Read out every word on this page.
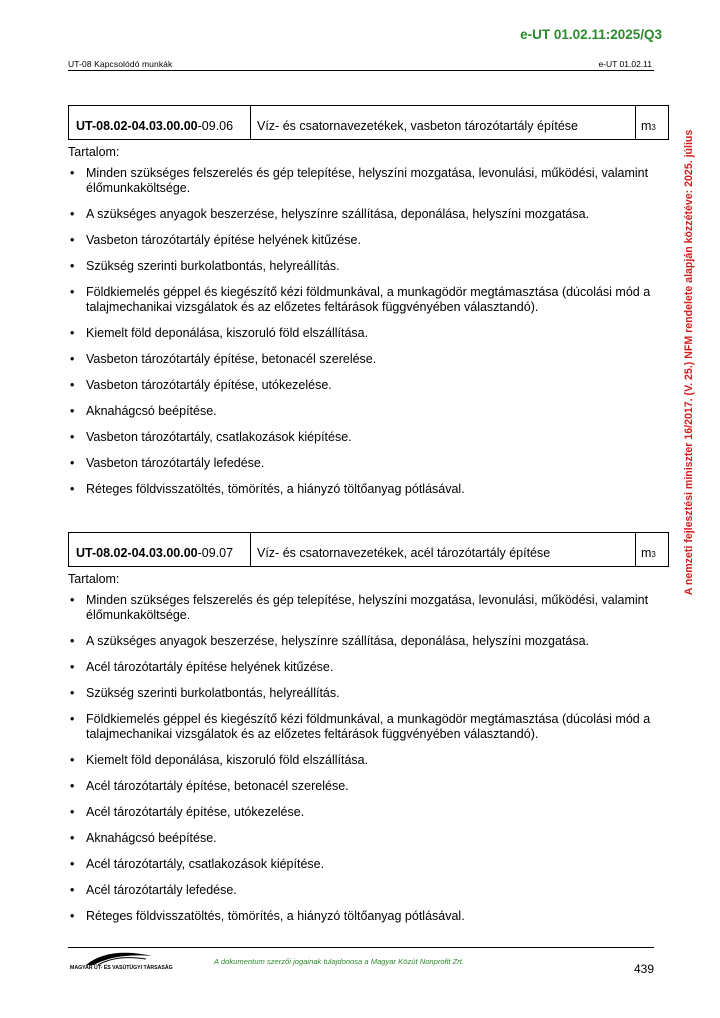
e-UT 01.02.11:2025/Q3
UT-08 Kapcsolódó munkák	e-UT 01.02.11
A nemzeti fejlesztési miniszter 16/2017. (V. 25.) NFM rendelete alapján közzétéve: 2025. július
UT-08.02-04.03.00.00 -09.06	Víz- és csatornavezetékek, vasbeton tározótartály építése	$m^3$
Tartalom:
• Minden szükséges felszerelés és gép telepítése, helyszíni mozgatása, levonulási, működési, valamint élőmunkaköltsége.
• A szükséges anyagok beszerzése, helyszínre szállítása, deponálása, helyszíni mozgatása.
• Vasbeton tározótartály építése helyének kitűzése.
• Szükség szerinti burkolatbontás, helyreállítás.
• Földkiemelés géppel és kiegészítő kézi földmunkával, a munkagödör megtámasztása (dúcolási mód a talajmechanikai vizsgálatok és az előzetes feltárások függvényében választandó).
• Kiemelt föld deponálása, kiszoruló föld elszállítása.
• Vasbeton tározótartály építése, betonacél szerelése.
• Vasbeton tározótartály építése, utókezelése.
• Aknahágcsó beépítése.
• Vasbeton tározótartály, csatlakozások kiépítése.
• Vasbeton tározótartály lefedése.
• Réteges földvisszatöltés, tömörítés, a hiányzó töltőanyag pótlásával.
UT-08.02-04.03.00.00 -09.07	Víz- és csatornavezetékek, acél tározótartály építése	$m^3$
Tartalom:
• Minden szükséges felszerelés és gép telepítése, helyszíni mozgatása, levonulási, működési, valamint élőmunkaköltsége.
• A szükséges anyagok beszerzése, helyszínre szállítása, deponálása, helyszíni mozgatása.
• Acél tározótartály építése helyének kitűzése.
• Szükség szerinti burkolatbontás, helyreállítás.
• Földkiemelés géppel és kiegészítő kézi földmunkával, a munkagödör megtámasztása (dúcolási mód a talajmechanikai vizsgálatok és az előzetes feltárások függvényében választandó).
• Kiemelt föld deponálása, kiszoruló föld elszállítása.
• Acél tározótartály építése, betonacél szerelése.
• Acél tározótartály építése, utókezelése.
• Aknahágcsó beépítése.
• Acél tározótartály, csatlakozások kiépítése.
• Acél tározótartály lefedése.
• Réteges földvisszatöltés, tömörítés, a hiányzó töltőanyag pótlásával.
MAGYAR ÚT- ÉS VASÚTÜGYI TÁRSASÁG
A dokumentum szerzői jogainak tulajdonosa a Magyar Közút Nonprofit Zrt.
439
